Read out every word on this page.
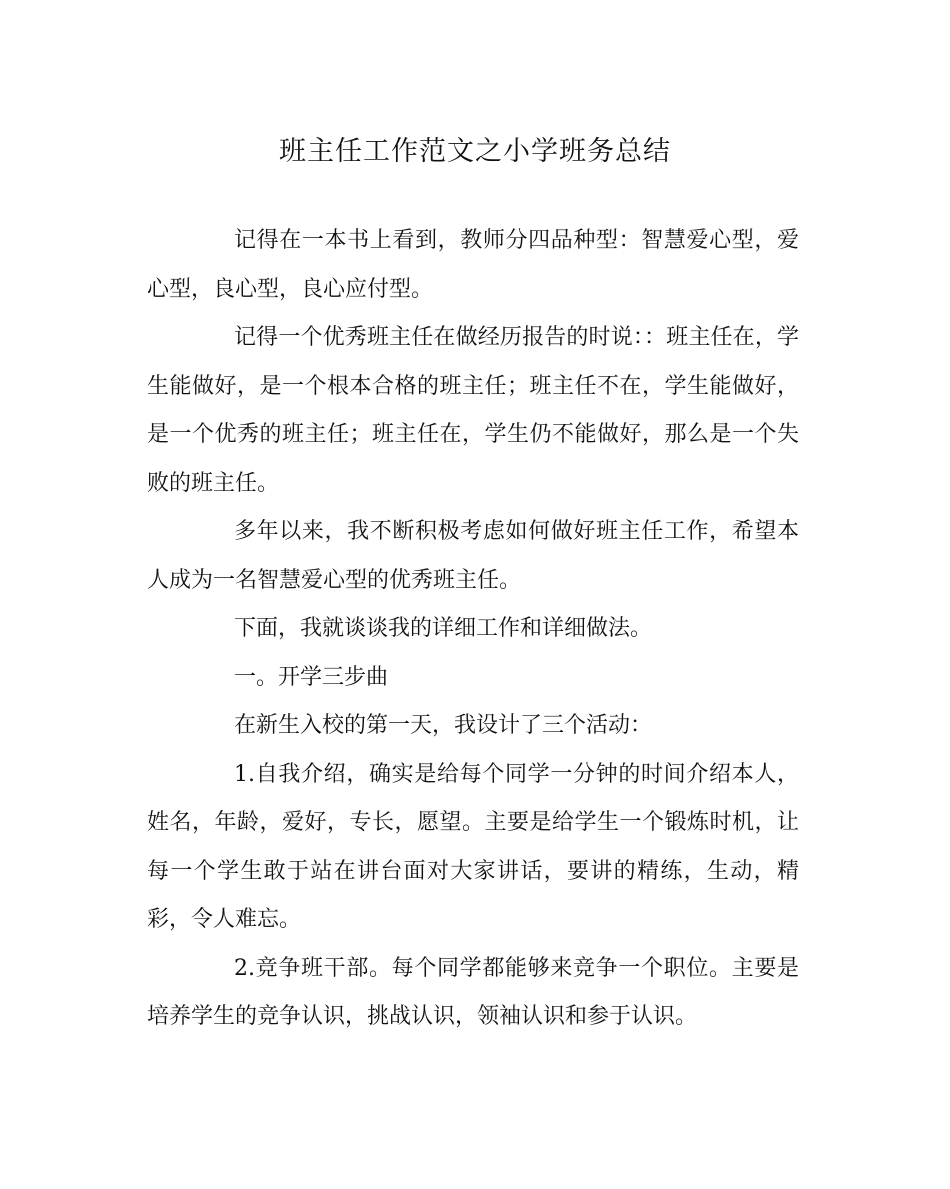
班主任工作范文之小学班务总结

记得在一本书上看到，教师分四品种型：智慧爱心型，爱心型，良心型，良心应付型。

记得一个优秀班主任在做经历报告的时说：：班主任在，学生能做好，是一个根本合格的班主任；班主任不在，学生能做好，是一个优秀的班主任；班主任在，学生仍不能做好，那么是一个失败的班主任。

多年以来，我不断积极考虑如何做好班主任工作，希望本人成为一名智慧爱心型的优秀班主任。

下面，我就谈谈我的详细工作和详细做法。

一。开学三步曲

在新生入校的第一天，我设计了三个活动：

1.自我介绍，确实是给每个同学一分钟的时间介绍本人，姓名，年龄，爱好，专长，愿望。主要是给学生一个锻炼时机，让每一个学生敢于站在讲台面对大家讲话，要讲的精练，生动，精彩，令人难忘。

2.竞争班干部。每个同学都能够来竞争一个职位。主要是培养学生的竞争认识，挑战认识，领袖认识和参于认识。
